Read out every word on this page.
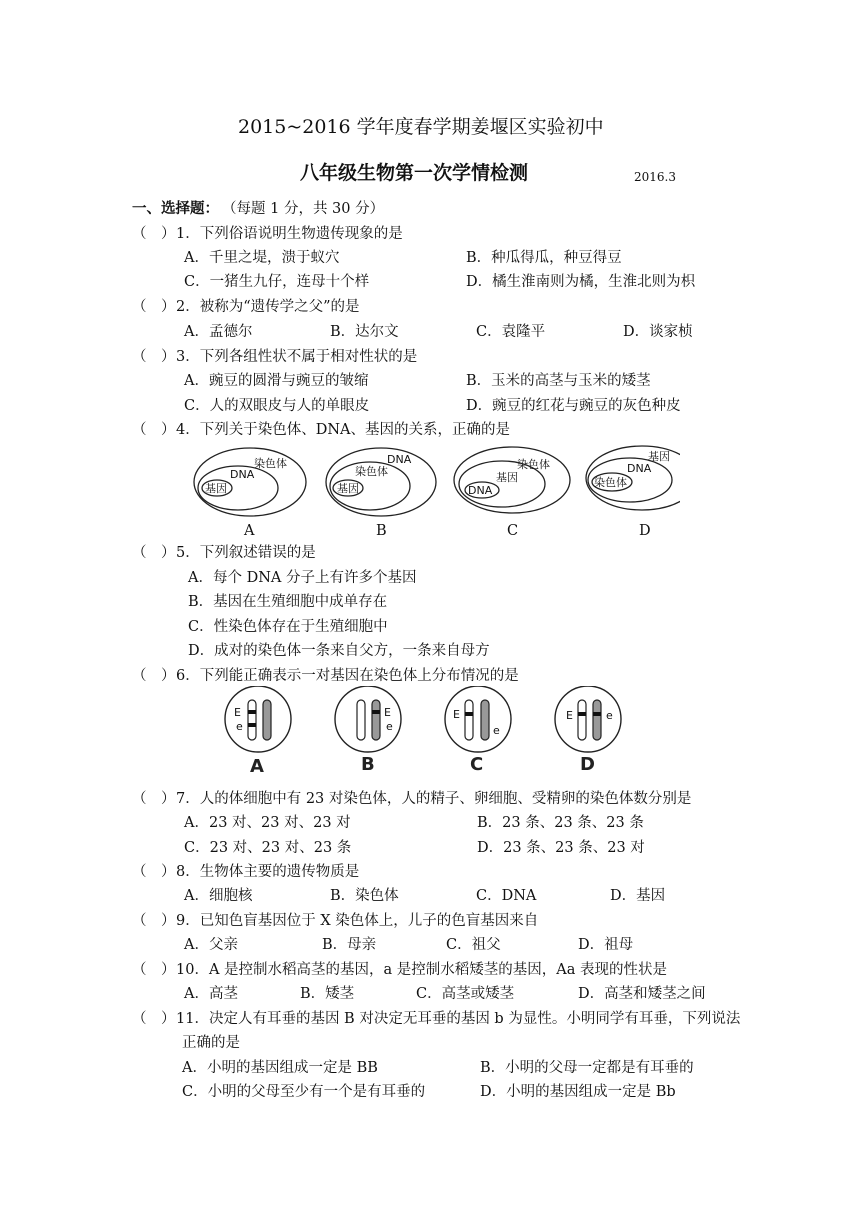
2015~2016 学年度春学期姜堰区实验初中
八年级生物第一次学情检测	2016.3
一、选择题： （每题 1 分，共 30 分）
（　） 1．下列俗语说明生物遗传现象的是
A．千里之堤，溃于蚁穴	B．种瓜得瓜，种豆得豆
C．一猪生九仔，连母十个样	D．橘生淮南则为橘，生淮北则为枳
（　） 2．被称为“遗传学之父”的是
A．孟德尔	B．达尔文	C．袁隆平	D．谈家桢
（　） 3．下列各组性状不属于相对性状的是
A．豌豆的圆滑与豌豆的皱缩	B．玉米的高茎与玉米的矮茎
C．人的双眼皮与人的单眼皮	D．豌豆的红花与豌豆的灰色种皮
（　） 4．下列关于染色体、DNA、基因的关系，正确的是
染色体
DNA
基因
DNA
染色体
基因
染色体
基因
DNA
基因
DNA
染色体
A	B	C	D
（　） 5．下列叙述错误的是
A．每个 DNA 分子上有许多个基因
B．基因在生殖细胞中成单存在
C．性染色体存在于生殖细胞中
D．成对的染色体一条来自父方，一条来自母方
（　） 6．下列能正确表示一对基因在染色体上分布情况的是
E
e
E
e
E
e
E	e
A	B	C	D
（　） 7．人的体细胞中有 23 对染色体，人的精子、卵细胞、受精卵的染色体数分别是
A．23 对、23 对、23 对	B．23 条、23 条、23 条
C．23 对、23 对、23 条	D．23 条、23 条、23 对
（　） 8．生物体主要的遗传物质是
A．细胞核	B．染色体	C．DNA	D．基因
（　） 9．已知色盲基因位于 X 染色体上，儿子的色盲基因来自
A．父亲	B．母亲	C．祖父	D．祖母
（　） 10．A 是控制水稻高茎的基因，a 是控制水稻矮茎的基因，Aa 表现的性状是
A．高茎	B．矮茎	C．高茎或矮茎	D．高茎和矮茎之间
（　） 11．决定人有耳垂的基因 B 对决定无耳垂的基因 b 为显性。小明同学有耳垂，下列说法
正确的是
A．小明的基因组成一定是 BB	B．小明的父母一定都是有耳垂的
C．小明的父母至少有一个是有耳垂的	D．小明的基因组成一定是 Bb
